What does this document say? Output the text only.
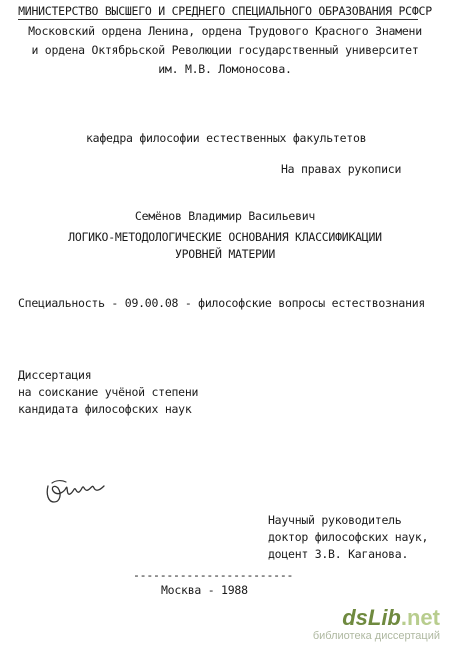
МИНИСТЕРСТВО ВЫСШЕГО И СРЕДНЕГО СПЕЦИАЛЬНОГО ОБРАЗОВАНИЯ РСФСР
Московский ордена Ленина, ордена Трудового Красного Знамени
и ордена Октябрьской Революции государственный университет
им. М.В. Ломоносова.
кафедра философии естественных факультетов
На правах рукописи
Семёнов Владимир Васильевич
ЛОГИКО-МЕТОДОЛОГИЧЕСКИЕ ОСНОВАНИЯ КЛАССИФИКАЦИИ
УРОВНЕЙ МАТЕРИИ
Специальность - 09.00.08 - философские вопросы естествознания
Диссертация
на соискание учёной степени
кандидата философских наук
Научный руководитель
доктор философских наук,
доцент З.В. Каганова.
------------------------
Москва - 1988
dsLib.net
библиотека диссертаций
